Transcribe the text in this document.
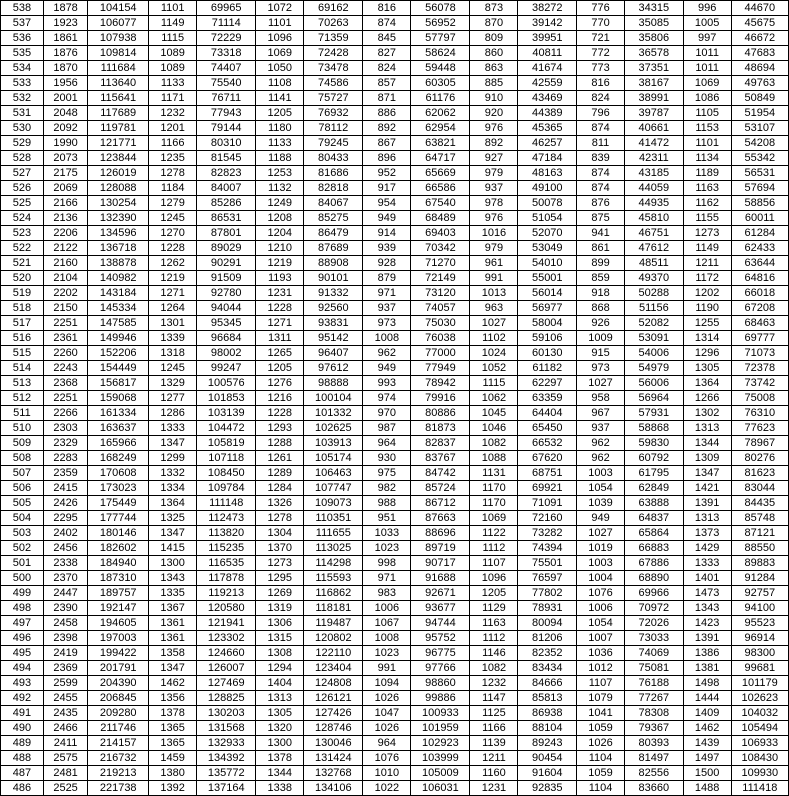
538	1878	104154	1101	69965	1072	69162	816	56078	873	38272	776	34315	996	44670
537	1923	106077	1149	71114	1101	70263	874	56952	870	39142	770	35085	1005	45675
536	1861	107938	1115	72229	1096	71359	845	57797	809	39951	721	35806	997	46672
535	1876	109814	1089	73318	1069	72428	827	58624	860	40811	772	36578	1011	47683
534	1870	111684	1089	74407	1050	73478	824	59448	863	41674	773	37351	1011	48694
533	1956	113640	1133	75540	1108	74586	857	60305	885	42559	816	38167	1069	49763
532	2001	115641	1171	76711	1141	75727	871	61176	910	43469	824	38991	1086	50849
531	2048	117689	1232	77943	1205	76932	886	62062	920	44389	796	39787	1105	51954
530	2092	119781	1201	79144	1180	78112	892	62954	976	45365	874	40661	1153	53107
529	1990	121771	1166	80310	1133	79245	867	63821	892	46257	811	41472	1101	54208
528	2073	123844	1235	81545	1188	80433	896	64717	927	47184	839	42311	1134	55342
527	2175	126019	1278	82823	1253	81686	952	65669	979	48163	874	43185	1189	56531
526	2069	128088	1184	84007	1132	82818	917	66586	937	49100	874	44059	1163	57694
525	2166	130254	1279	85286	1249	84067	954	67540	978	50078	876	44935	1162	58856
524	2136	132390	1245	86531	1208	85275	949	68489	976	51054	875	45810	1155	60011
523	2206	134596	1270	87801	1204	86479	914	69403	1016	52070	941	46751	1273	61284
522	2122	136718	1228	89029	1210	87689	939	70342	979	53049	861	47612	1149	62433
521	2160	138878	1262	90291	1219	88908	928	71270	961	54010	899	48511	1211	63644
520	2104	140982	1219	91509	1193	90101	879	72149	991	55001	859	49370	1172	64816
519	2202	143184	1271	92780	1231	91332	971	73120	1013	56014	918	50288	1202	66018
518	2150	145334	1264	94044	1228	92560	937	74057	963	56977	868	51156	1190	67208
517	2251	147585	1301	95345	1271	93831	973	75030	1027	58004	926	52082	1255	68463
516	2361	149946	1339	96684	1311	95142	1008	76038	1102	59106	1009	53091	1314	69777
515	2260	152206	1318	98002	1265	96407	962	77000	1024	60130	915	54006	1296	71073
514	2243	154449	1245	99247	1205	97612	949	77949	1052	61182	973	54979	1305	72378
513	2368	156817	1329	100576	1276	98888	993	78942	1115	62297	1027	56006	1364	73742
512	2251	159068	1277	101853	1216	100104	974	79916	1062	63359	958	56964	1266	75008
511	2266	161334	1286	103139	1228	101332	970	80886	1045	64404	967	57931	1302	76310
510	2303	163637	1333	104472	1293	102625	987	81873	1046	65450	937	58868	1313	77623
509	2329	165966	1347	105819	1288	103913	964	82837	1082	66532	962	59830	1344	78967
508	2283	168249	1299	107118	1261	105174	930	83767	1088	67620	962	60792	1309	80276
507	2359	170608	1332	108450	1289	106463	975	84742	1131	68751	1003	61795	1347	81623
506	2415	173023	1334	109784	1284	107747	982	85724	1170	69921	1054	62849	1421	83044
505	2426	175449	1364	111148	1326	109073	988	86712	1170	71091	1039	63888	1391	84435
504	2295	177744	1325	112473	1278	110351	951	87663	1069	72160	949	64837	1313	85748
503	2402	180146	1347	113820	1304	111655	1033	88696	1122	73282	1027	65864	1373	87121
502	2456	182602	1415	115235	1370	113025	1023	89719	1112	74394	1019	66883	1429	88550
501	2338	184940	1300	116535	1273	114298	998	90717	1107	75501	1003	67886	1333	89883
500	2370	187310	1343	117878	1295	115593	971	91688	1096	76597	1004	68890	1401	91284
499	2447	189757	1335	119213	1269	116862	983	92671	1205	77802	1076	69966	1473	92757
498	2390	192147	1367	120580	1319	118181	1006	93677	1129	78931	1006	70972	1343	94100
497	2458	194605	1361	121941	1306	119487	1067	94744	1163	80094	1054	72026	1423	95523
496	2398	197003	1361	123302	1315	120802	1008	95752	1112	81206	1007	73033	1391	96914
495	2419	199422	1358	124660	1308	122110	1023	96775	1146	82352	1036	74069	1386	98300
494	2369	201791	1347	126007	1294	123404	991	97766	1082	83434	1012	75081	1381	99681
493	2599	204390	1462	127469	1404	124808	1094	98860	1232	84666	1107	76188	1498	101179
492	2455	206845	1356	128825	1313	126121	1026	99886	1147	85813	1079	77267	1444	102623
491	2435	209280	1378	130203	1305	127426	1047	100933	1125	86938	1041	78308	1409	104032
490	2466	211746	1365	131568	1320	128746	1026	101959	1166	88104	1059	79367	1462	105494
489	2411	214157	1365	132933	1300	130046	964	102923	1139	89243	1026	80393	1439	106933
488	2575	216732	1459	134392	1378	131424	1076	103999	1211	90454	1104	81497	1497	108430
487	2481	219213	1380	135772	1344	132768	1010	105009	1160	91604	1059	82556	1500	109930
486	2525	221738	1392	137164	1338	134106	1022	106031	1231	92835	1104	83660	1488	111418
